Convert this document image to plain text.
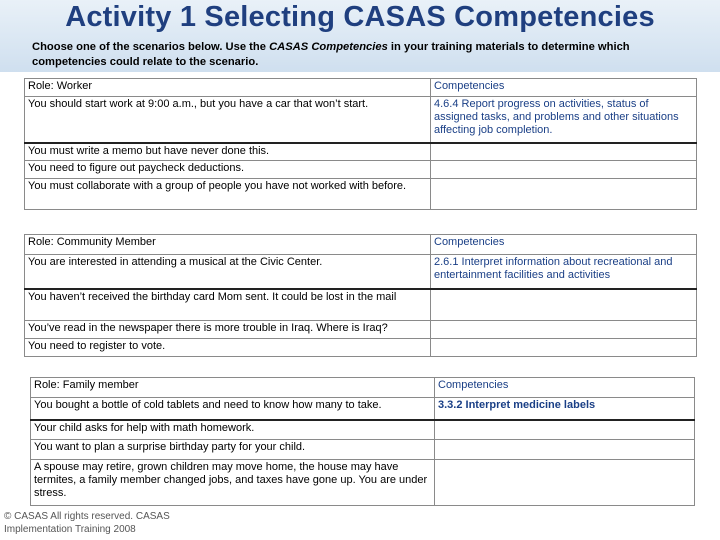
Activity 1 Selecting CASAS Competencies
Choose one of the scenarios below. Use the CASAS Competencies in your training materials to determine which competencies could relate to the scenario.
Role: Worker	Competencies
You should start work at 9:00 a.m., but you have a car that won’t start.	4.6.4 Report progress on activities, status of assigned tasks, and problems and other situations affecting job completion.
You must write a memo but have never done this.	
You need to figure out paycheck deductions.	
You must collaborate with a group of people you have not worked with before.	
Role: Community Member	Competencies
You are interested in attending a musical at the Civic Center.	2.6.1 Interpret information about recreational and entertainment facilities and activities
You haven’t received the birthday card Mom sent. It could be lost in the mail	
You’ve read in the newspaper there is more trouble in Iraq. Where is Iraq?	
You need to register to vote.	
Role: Family member	Competencies
You bought a bottle of cold tablets and need to know how many to take.	3.3.2 Interpret medicine labels
Your child asks for help with math homework.	
You want to plan a surprise birthday party for your child.	
A spouse may retire, grown children may move home, the house may have termites, a family member changed jobs, and taxes have gone up. You are under stress.	
© CASAS All rights reserved. CASAS
Implementation Training 2008
